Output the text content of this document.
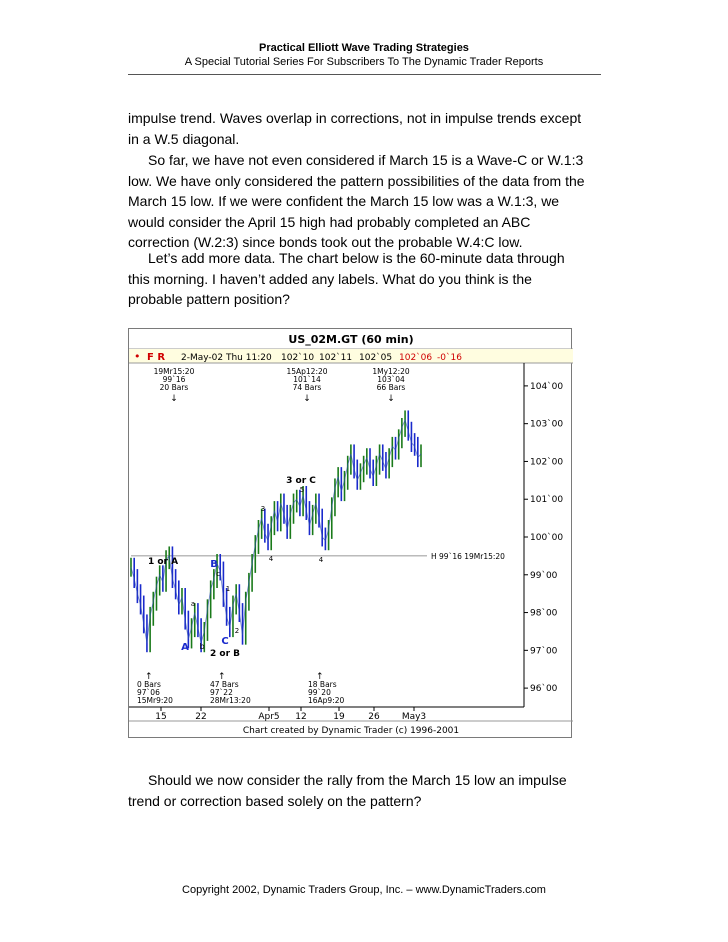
Practical Elliott Wave Trading Strategies
A Special Tutorial Series For Subscribers To The Dynamic Trader Reports

impulse trend. Waves overlap in corrections, not in impulse trends except in a W.5 diagonal.

So far, we have not even considered if March 15 is a Wave-C or W.1:3 low. We have only considered the pattern possibilities of the data from the March 15 low. If we were confident the March 15 low was a W.1:3, we would consider the April 15 high had probably completed an ABC correction (W.2:3) since bonds took out the probable W.4:C low.

Let’s add more data. The chart below is the 60-minute data through this morning. I haven’t added any labels. What do you think is the probable pattern position?

US_02M.GT (60 min)
• F R 2-May-02 Thu 11:20 102`10 102`11 102`05 102`06 -0`16
Chart created by Dynamic Trader (c) 1996-2001
H 99`16 19Mr15:20
104`00
103`00
102`00
101`00
100`00
99`00
98`00
97`00
96`00
15	22	Apr5 12	19	26 May3
19Mr15:20
99`16
20 Bars
↓
15Ap12:20
101`14
74 Bars
↓
1My12:20
103`04
66 Bars
↓
↑
0 Bars
97`06
15Mr9:20
↑
47 Bars
97`22
28Mr13:20
↑
18 Bars
99`20
16Ap9:20
1 or A	B
c
a
1
A b C
2
2 or B
3
4
3 or C
5
4

Should we now consider the rally from the March 15 low an impulse trend or correction based solely on the pattern?

Copyright 2002, Dynamic Traders Group, Inc. – www.DynamicTraders.com
